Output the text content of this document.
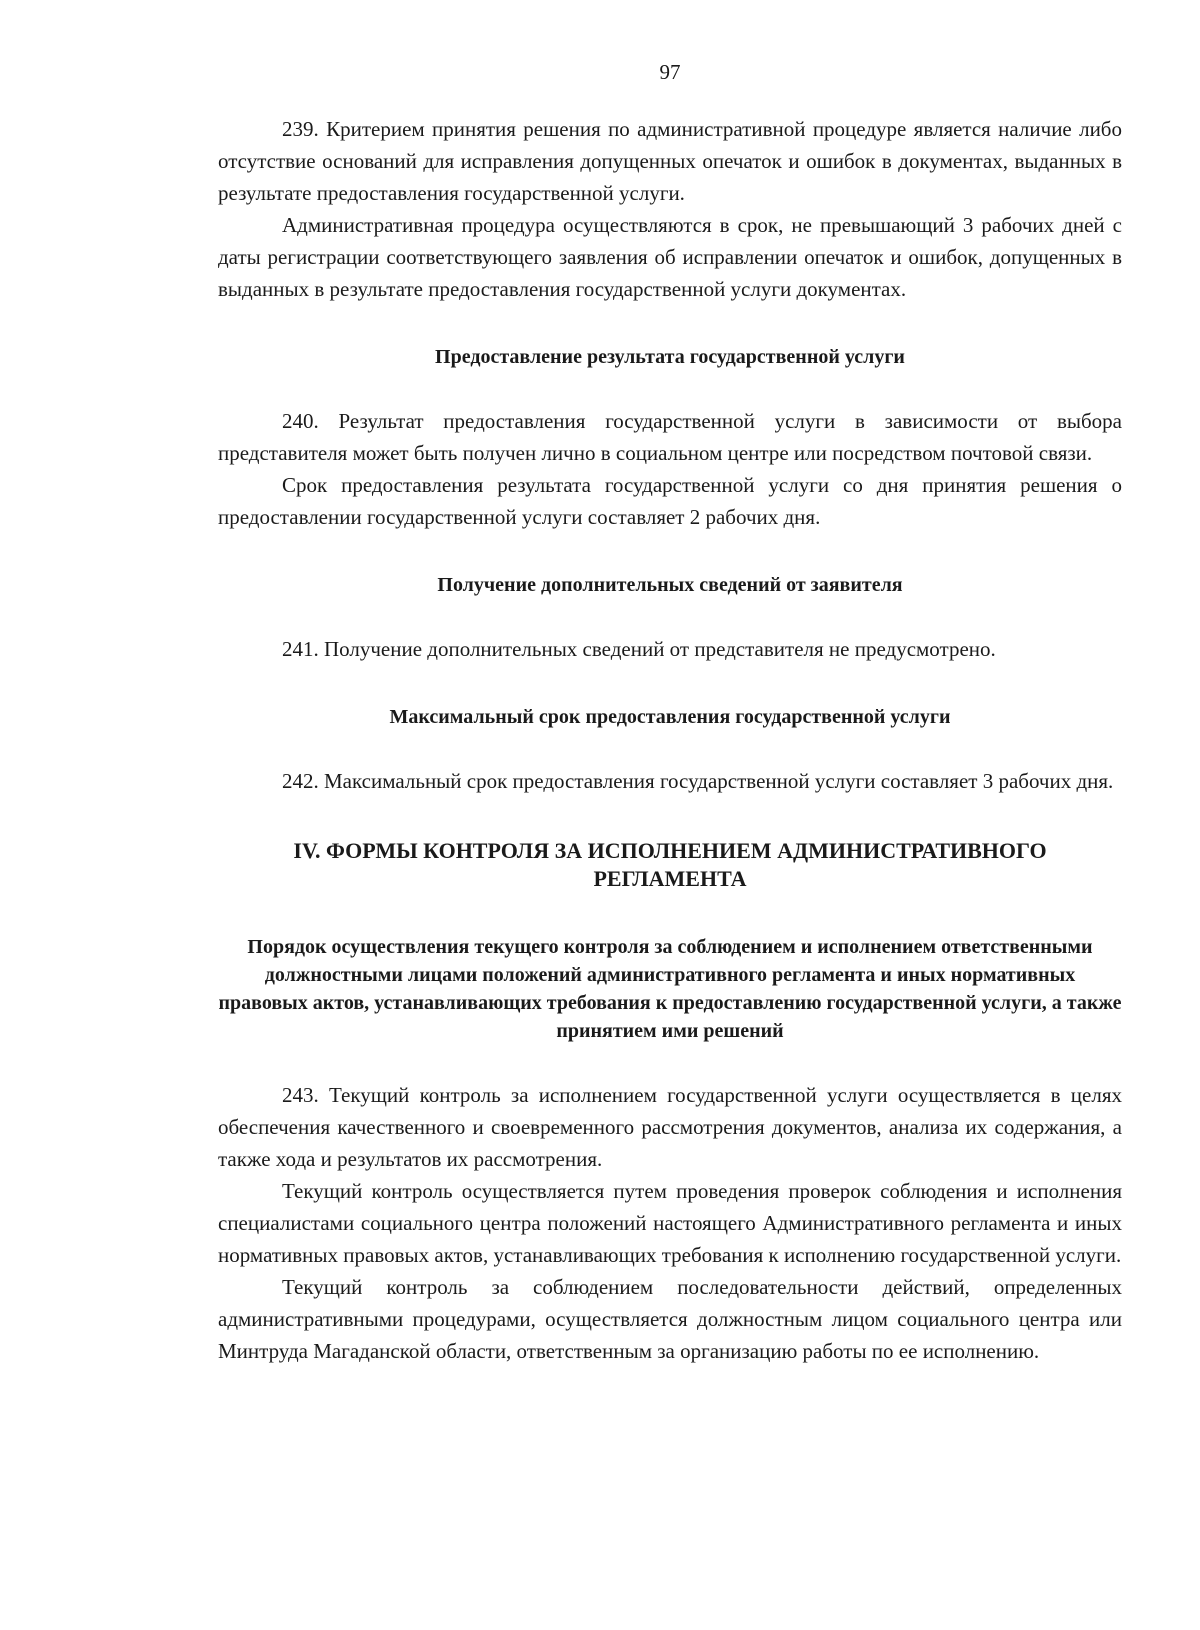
97

239. Критерием принятия решения по административной процедуре является наличие либо отсутствие оснований для исправления допущенных опечаток и ошибок в документах, выданных в результате предоставления государственной услуги.

Административная процедура осуществляются в срок, не превышающий 3 рабочих дней с даты регистрации соответствующего заявления об исправлении опечаток и ошибок, допущенных в выданных в результате предоставления государственной услуги документах.

Предоставление результата государственной услуги

240. Результат предоставления государственной услуги в зависимости от выбора представителя может быть получен лично в социальном центре или посредством почтовой связи.

Срок предоставления результата государственной услуги со дня принятия решения о предоставлении государственной услуги составляет 2 рабочих дня.

Получение дополнительных сведений от заявителя

241. Получение дополнительных сведений от представителя не предусмотрено.

Максимальный срок предоставления государственной услуги

242. Максимальный срок предоставления государственной услуги составляет 3 рабочих дня.

IV. ФОРМЫ КОНТРОЛЯ ЗА ИСПОЛНЕНИЕМ АДМИНИСТРАТИВНОГО РЕГЛАМЕНТА
Порядок осуществления текущего контроля за соблюдением и исполнением ответственными должностными лицами положений административного регламента и иных нормативных правовых актов, устанавливающих требования к предоставлению государственной услуги, а также принятием ими решений

243. Текущий контроль за исполнением государственной услуги осуществляется в целях обеспечения качественного и своевременного рассмотрения документов, анализа их содержания, а также хода и результатов их рассмотрения.

Текущий контроль осуществляется путем проведения проверок соблюдения и исполнения специалистами социального центра положений настоящего Административного регламента и иных нормативных правовых актов, устанавливающих требования к исполнению государственной услуги.

Текущий контроль за соблюдением последовательности действий, определенных административными процедурами, осуществляется должностным лицом социального центра или Минтруда Магаданской области, ответственным за организацию работы по ее исполнению.
